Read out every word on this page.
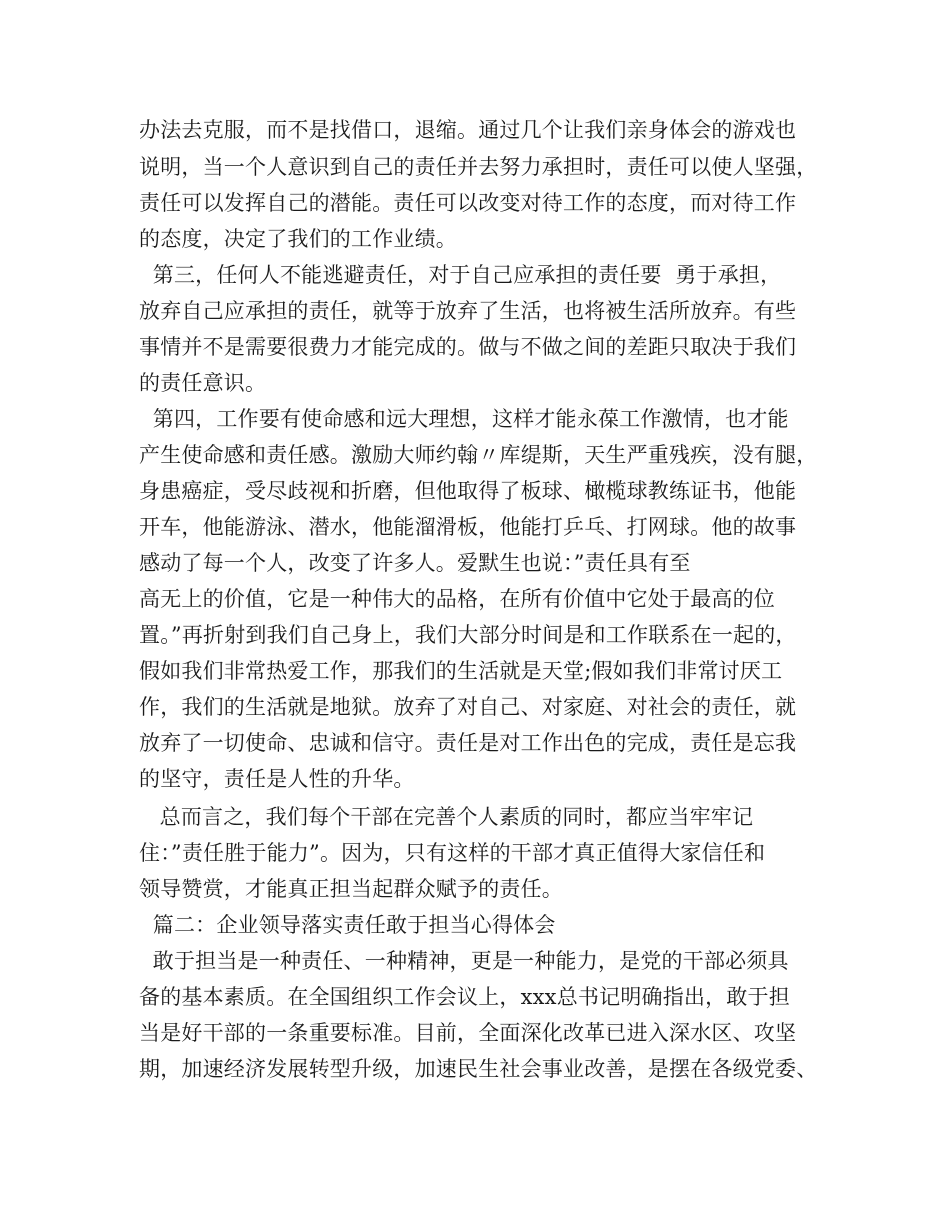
办法去克服，而不是找借口，退缩。通过几个让我们亲身体会的游戏也
说明，当一个人意识到自己的责任并去努力承担时，责任可以使人坚强，
责任可以发挥自己的潜能。责任可以改变对待工作的态度，而对待工作
的态度，决定了我们的工作业绩。
第三，任何人不能逃避责任，对于自己应承担的责任要  勇于承担，
放弃自己应承担的责任，就等于放弃了生活，也将被生活所放弃。有些
事情并不是需要很费力才能完成的。做与不做之间的差距只取决于我们
的责任意识。
第四，工作要有使命感和远大理想，这样才能永葆工作激情，也才能
产生使命感和责任感。激励大师约翰〃库缇斯，天生严重残疾，没有腿，
身患癌症，受尽歧视和折磨，但他取得了板球、橄榄球教练证书，他能
开车，他能游泳、潜水，他能溜滑板，他能打乒乓、打网球。他的故事
感动了每一个人，改变了许多人。爱默生也说：”责任具有至
高无上的价值，它是一种伟大的品格，在所有价值中它处于最高的位
置。”再折射到我们自己身上，我们大部分时间是和工作联系在一起的，
假如我们非常热爱工作，那我们的生活就是天堂;假如我们非常讨厌工
作，我们的生活就是地狱。放弃了对自己、对家庭、对社会的责任，就
放弃了一切使命、忠诚和信守。责任是对工作出色的完成，责任是忘我
的坚守，责任是人性的升华。
总而言之，我们每个干部在完善个人素质的同时，都应当牢牢记
住：”责任胜于能力”。因为，只有这样的干部才真正值得大家信任和
领导赞赏，才能真正担当起群众赋予的责任。
篇二：企业领导落实责任敢于担当心得体会
敢于担当是一种责任、一种精神，更是一种能力，是党的干部必须具
备的基本素质。在全国组织工作会议上，xxx总书记明确指出，敢于担
当是好干部的一条重要标准。目前，全面深化改革已进入深水区、攻坚
期，加速经济发展转型升级，加速民生社会事业改善，是摆在各级党委、
